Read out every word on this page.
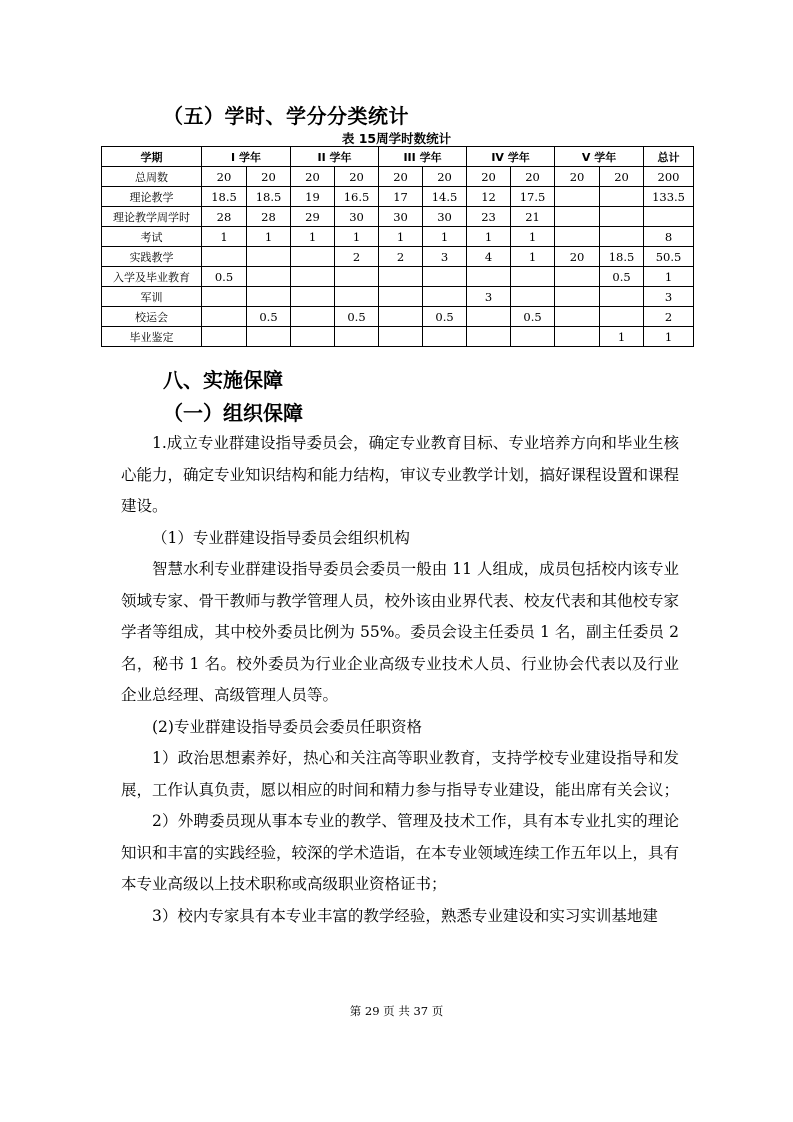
（五）学时、学分分类统计
表 15周学时数统计
学期	I 学年		II 学年		III 学年		IV 学年		V 学年		总计
总周数	20	20	20	20	20	20	20	20	20	20	200
理论教学	18.5	18.5	19	16.5	17	14.5	12	17.5			133.5
理论教学周学时	28	28	29	30	30	30	23	21			
考试	1	1	1	1	1	1	1	1			8
实践教学				2	2	3	4	1	20	18.5	50.5
入学及毕业教育	0.5									0.5	1
军训							3				3
校运会		0.5		0.5		0.5		0.5			2
毕业鉴定										1	1
八、实施保障
（一）组织保障

1.成立专业群建设指导委员会，确定专业教育目标、专业培养方向和毕业生核心能力，确定专业知识结构和能力结构，审议专业教学计划，搞好课程设置和课程建设。

（1）专业群建设指导委员会组织机构

智慧水利专业群建设指导委员会委员一般由 11 人组成，成员包括校内该专业领域专家、骨干教师与教学管理人员，校外该由业界代表、校友代表和其他校专家学者等组成，其中校外委员比例为 55%。委员会设主任委员 1 名，副主任委员 2 名，秘书 1 名。校外委员为行业企业高级专业技术人员、行业协会代表以及行业企业总经理、高级管理人员等。

(2)专业群建设指导委员会委员任职资格

1）政治思想素养好，热心和关注高等职业教育，支持学校专业建设指导和发展，工作认真负责，愿以相应的时间和精力参与指导专业建设，能出席有关会议；

2）外聘委员现从事本专业的教学、管理及技术工作，具有本专业扎实的理论知识和丰富的实践经验，较深的学术造诣，在本专业领域连续工作五年以上，具有本专业高级以上技术职称或高级职业资格证书；

3）校内专家具有本专业丰富的教学经验，熟悉专业建设和实习实训基地建

第 29 页 共 37 页
